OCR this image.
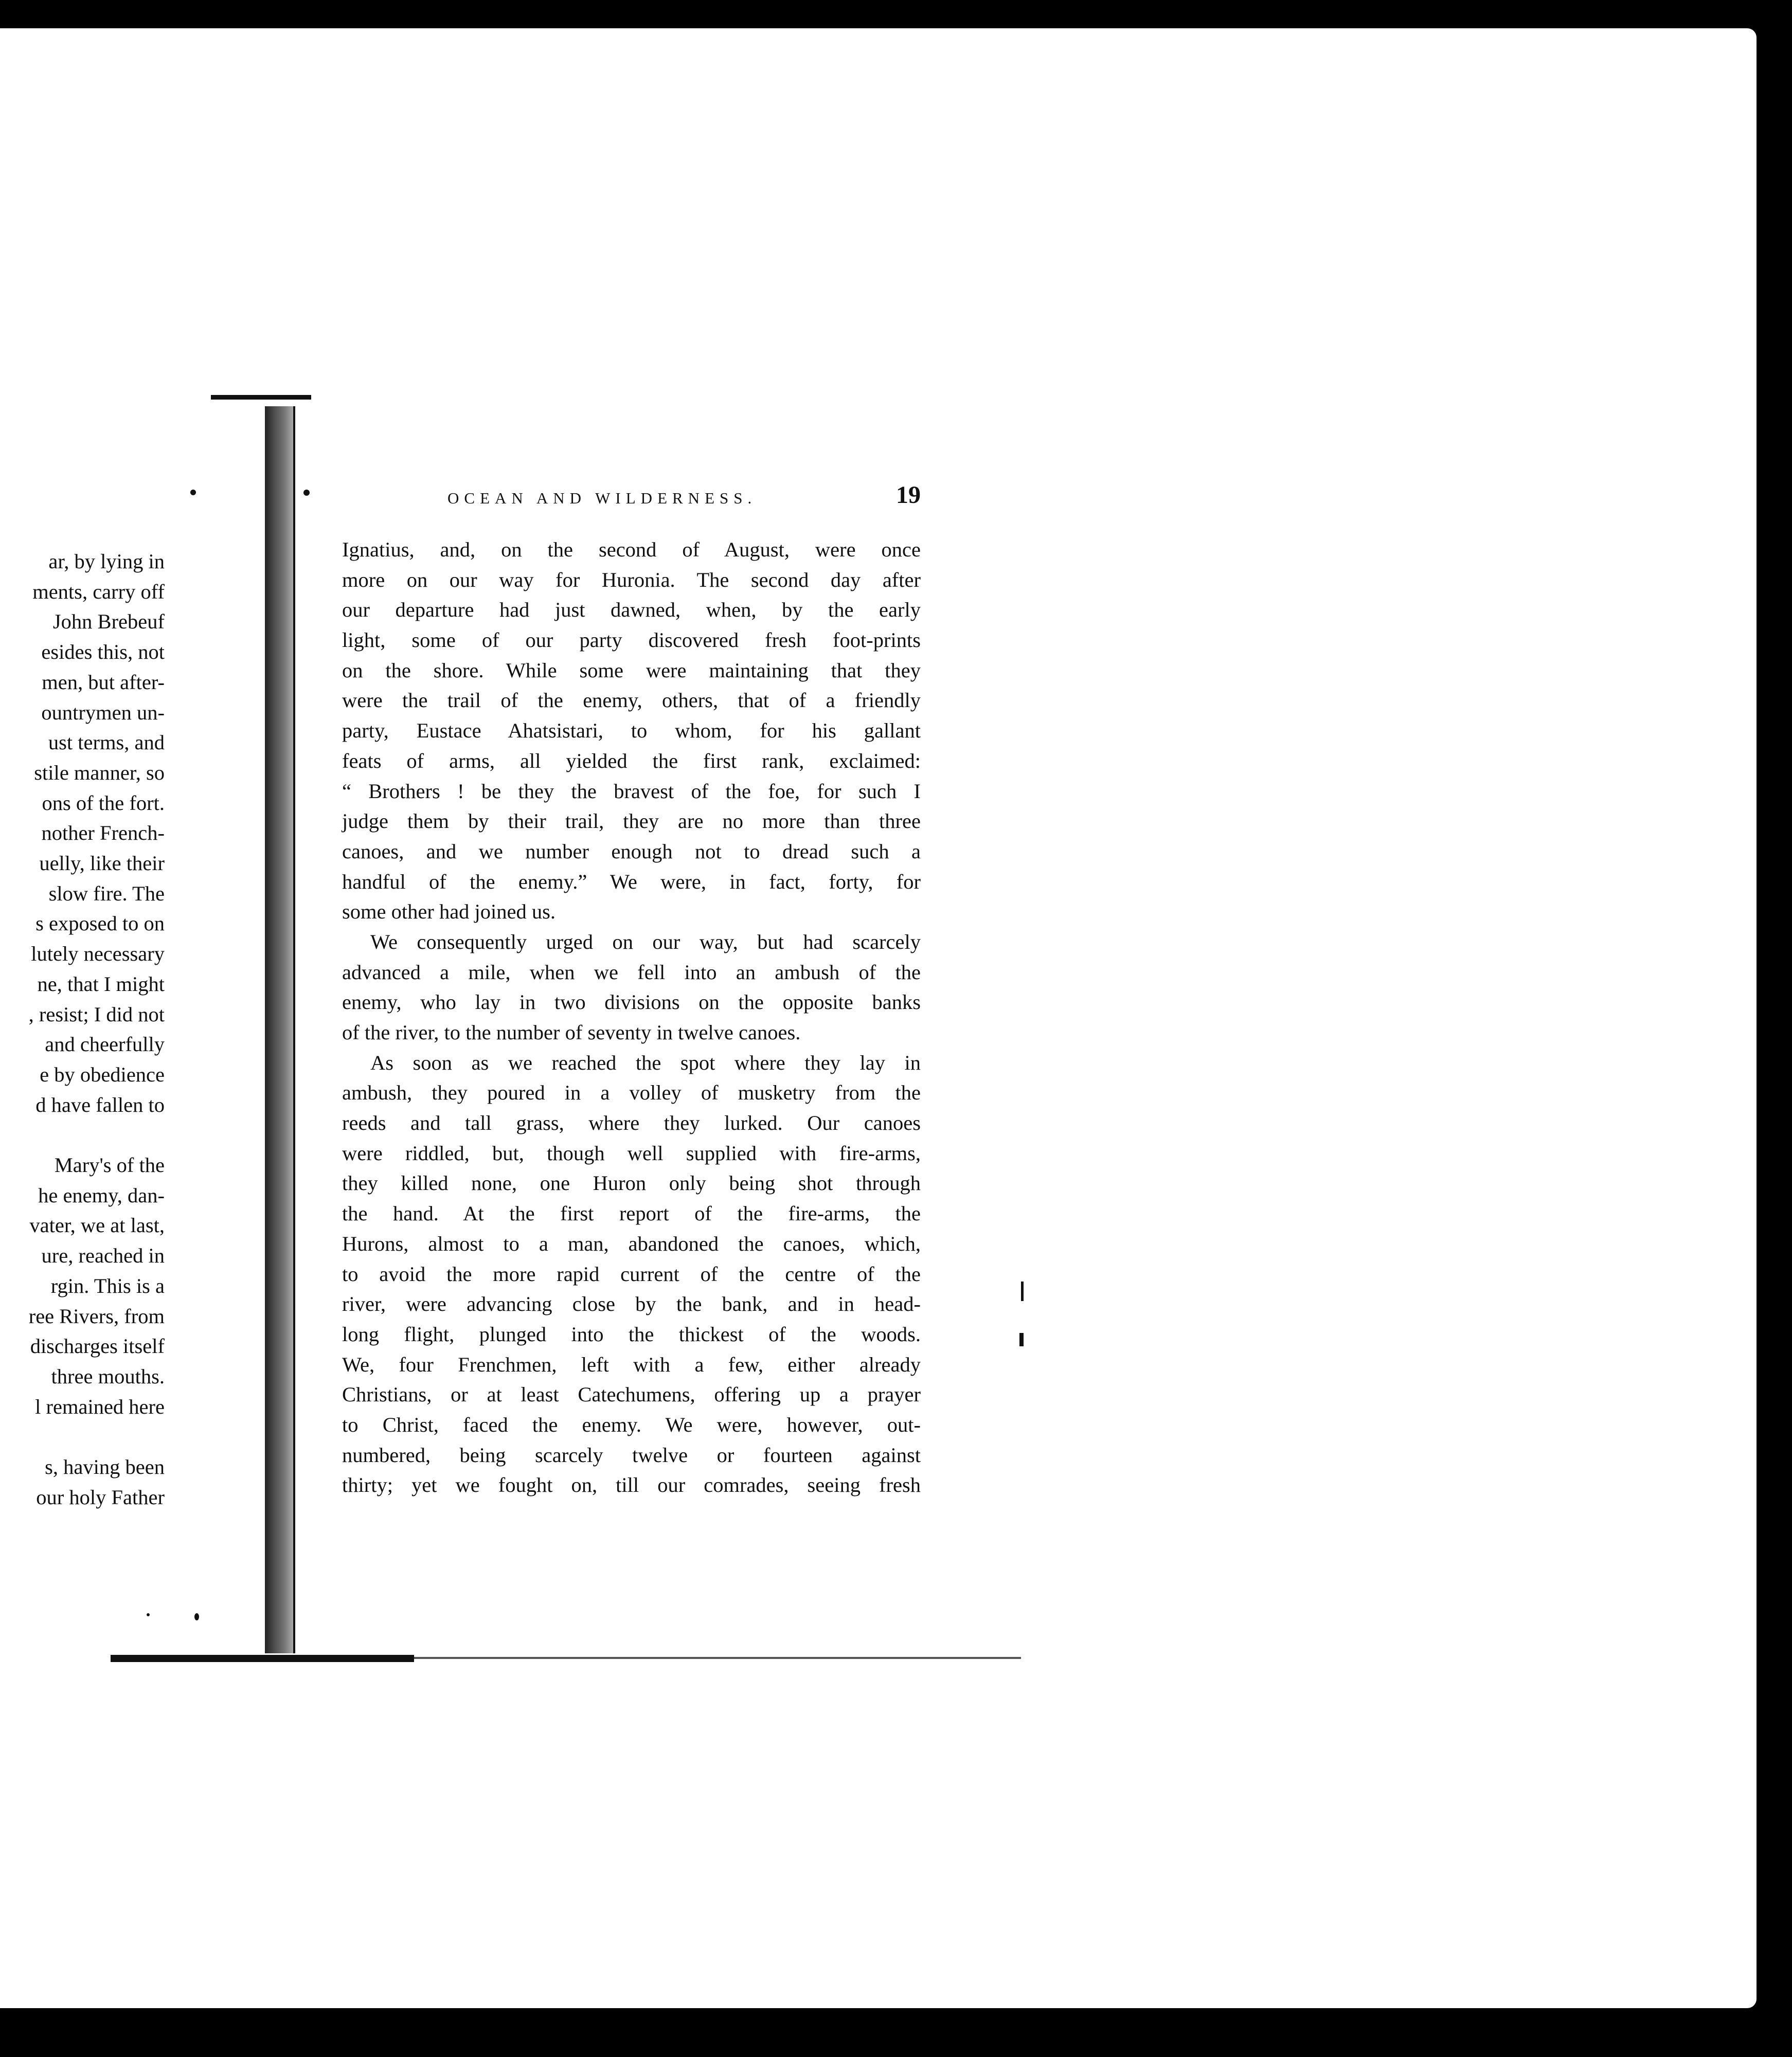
OCEAN AND WILDERNESS.	19
ar, by lying in
ments, carry off
John Brebeuf
esides this, not
men, but after-
ountrymen un-
ust terms, and
stile manner, so
ons of the fort.
nother French-
uelly, like their
slow fire. The
s exposed to on
lutely necessary
ne, that I might
, resist; I did not
and cheerfully
e by obedience
d have fallen to
Mary's of the
he enemy, dan-
vater, we at last,
ure, reached in
rgin. This is a
ree Rivers, from
discharges itself
three mouths.
l remained here
s, having been
our holy Father
Ignatius, and, on the second of August, were once
more on our way for Huronia. The second day after
our departure had just dawned, when, by the early
light, some of our party discovered fresh foot-prints
on the shore. While some were maintaining that they
were the trail of the enemy, others, that of a friendly
party, Eustace Ahatsistari, to whom, for his gallant
feats of arms, all yielded the first rank, exclaimed:
“ Brothers ! be they the bravest of the foe, for such I
judge them by their trail, they are no more than three
canoes, and we number enough not to dread such a
handful of the enemy.” We were, in fact, forty, for
some other had joined us.
We consequently urged on our way, but had scarcely
advanced a mile, when we fell into an ambush of the
enemy, who lay in two divisions on the opposite banks
of the river, to the number of seventy in twelve canoes.
As soon as we reached the spot where they lay in
ambush, they poured in a volley of musketry from the
reeds and tall grass, where they lurked. Our canoes
were riddled, but, though well supplied with fire-arms,
they killed none, one Huron only being shot through
the hand. At the first report of the fire-arms, the
Hurons, almost to a man, abandoned the canoes, which,
to avoid the more rapid current of the centre of the
river, were advancing close by the bank, and in head-
long flight, plunged into the thickest of the woods.
We, four Frenchmen, left with a few, either already
Christians, or at least Catechumens, offering up a prayer
to Christ, faced the enemy. We were, however, out-
numbered, being scarcely twelve or fourteen against
thirty; yet we fought on, till our comrades, seeing fresh
